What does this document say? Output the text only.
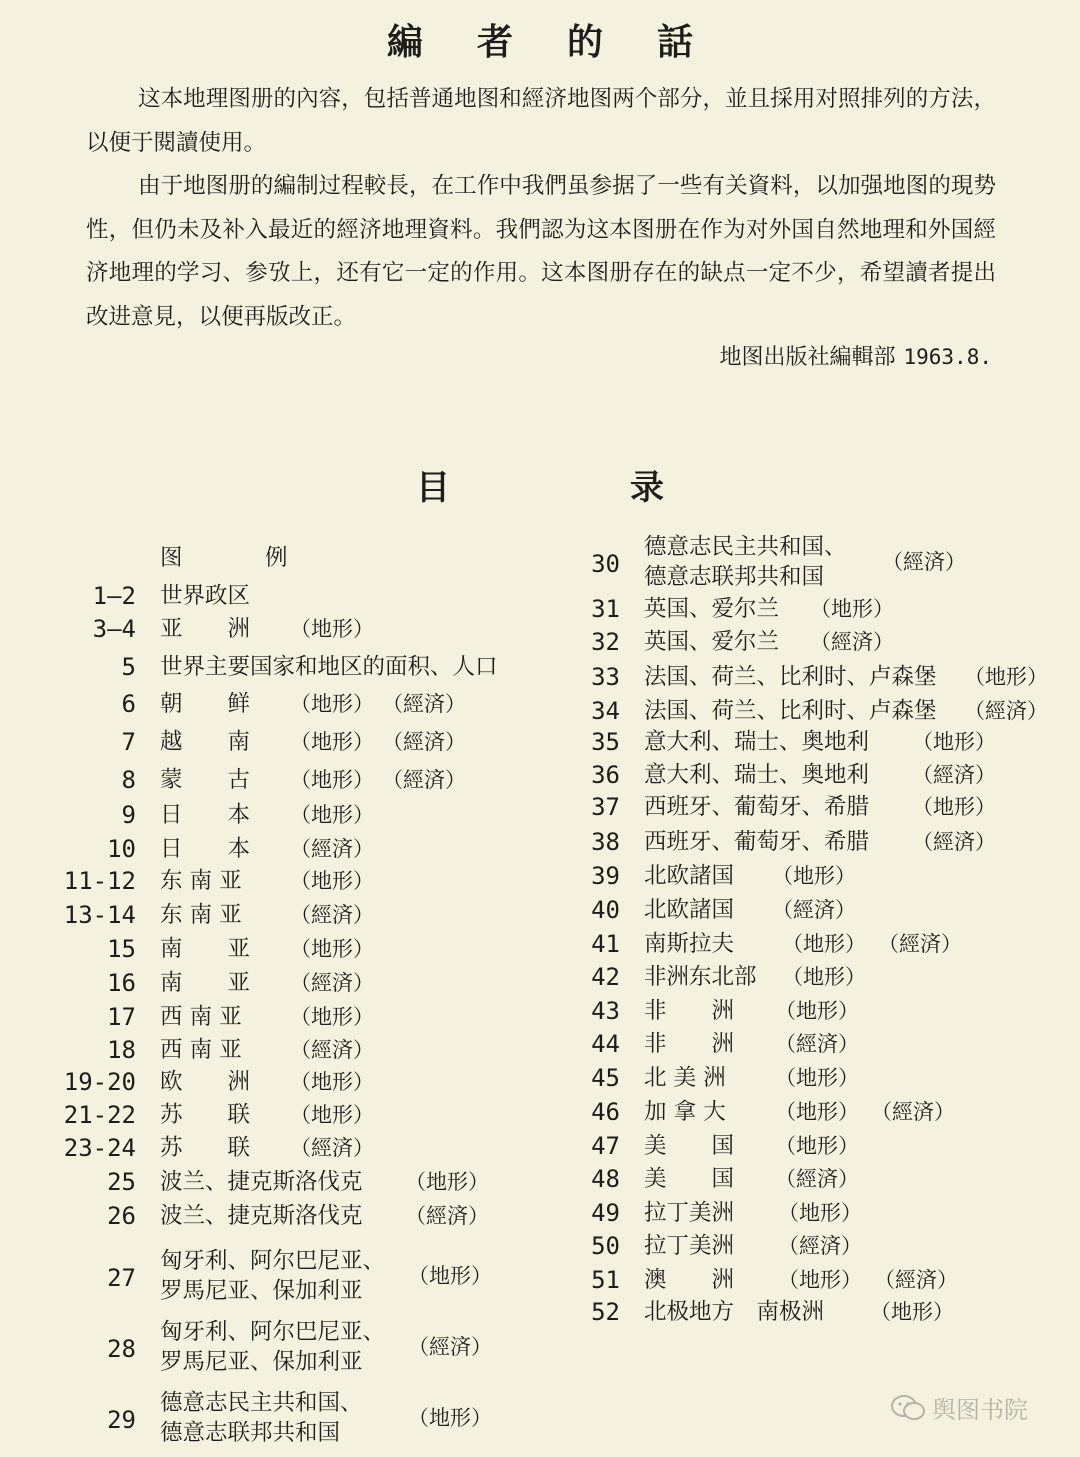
編者的話
这本地理图册的內容，包括普通地图和經济地图两个部分，並且採用对照排列的方法，以便于閱讀使用。
由于地图册的編制过程較長，在工作中我們虽参据了一些有关資料，以加强地图的現势性，但仍未及补入最近的經济地理資料。我們認为这本图册在作为对外国自然地理和外国經济地理的学习、参攷上，还有它一定的作用。这本图册存在的缺点一定不少，希望讀者提出改进意見，以便再版改正。
地图出版社編輯部 1963.8.
目录
图　例
1—2 世界政区
3—4 亚　　洲 （地形）
5 世界主要国家和地区的面积、人口
6 朝　　鲜 （地形） （經済）
7 越　　南 （地形） （經済）
8 蒙　　古 （地形） （經済）
9 日　　本 （地形）
10 日　　本 （經済）
11-12 东 南 亚 （地形）
13-14 东 南 亚 （經済）
15 南　　亚 （地形）
16 南　　亚 （經済）
17 西 南 亚 （地形）
18 西 南 亚 （經済）
19-20 欧　　洲 （地形）
21-22 苏　　联 （地形）
23-24 苏　　联 （經済）
25 波兰、捷克斯洛伐克 （地形）
26 波兰、捷克斯洛伐克 （經済）
27
匈牙利、阿尔巴尼亚、
罗馬尼亚、保加利亚
（地形）
28
匈牙利、阿尔巴尼亚、
罗馬尼亚、保加利亚
（經済）
29
德意志民主共和国、
德意志联邦共和国
（地形）
30
德意志民主共和国、
德意志联邦共和国
（經済）
31 英国、爱尔兰 （地形）
32 英国、爱尔兰 （經済）
33 法国、荷兰、比利时、卢森堡 （地形）
34 法国、荷兰、比利时、卢森堡 （經済）
35 意大利、瑞士、奥地利 （地形）
36 意大利、瑞士、奥地利 （經済）
37 西班牙、葡萄牙、希腊 （地形）
38 西班牙、葡萄牙、希腊 （經済）
39 北欧諸国 （地形）
40 北欧諸国 （經済）
41 南斯拉夫 （地形） （經済）
42 非洲东北部 （地形）
43 非　　洲 （地形）
44 非　　洲 （經済）
45 北 美 洲 （地形）
46 加 拿 大 （地形） （經済）
47 美　　国 （地形）
48 美　　国 （經済）
49 拉丁美洲 （地形）
50 拉丁美洲 （經済）
51 澳　　洲 （地形） （經済）
52 北极地方　南极洲 （地形）
舆图书院
